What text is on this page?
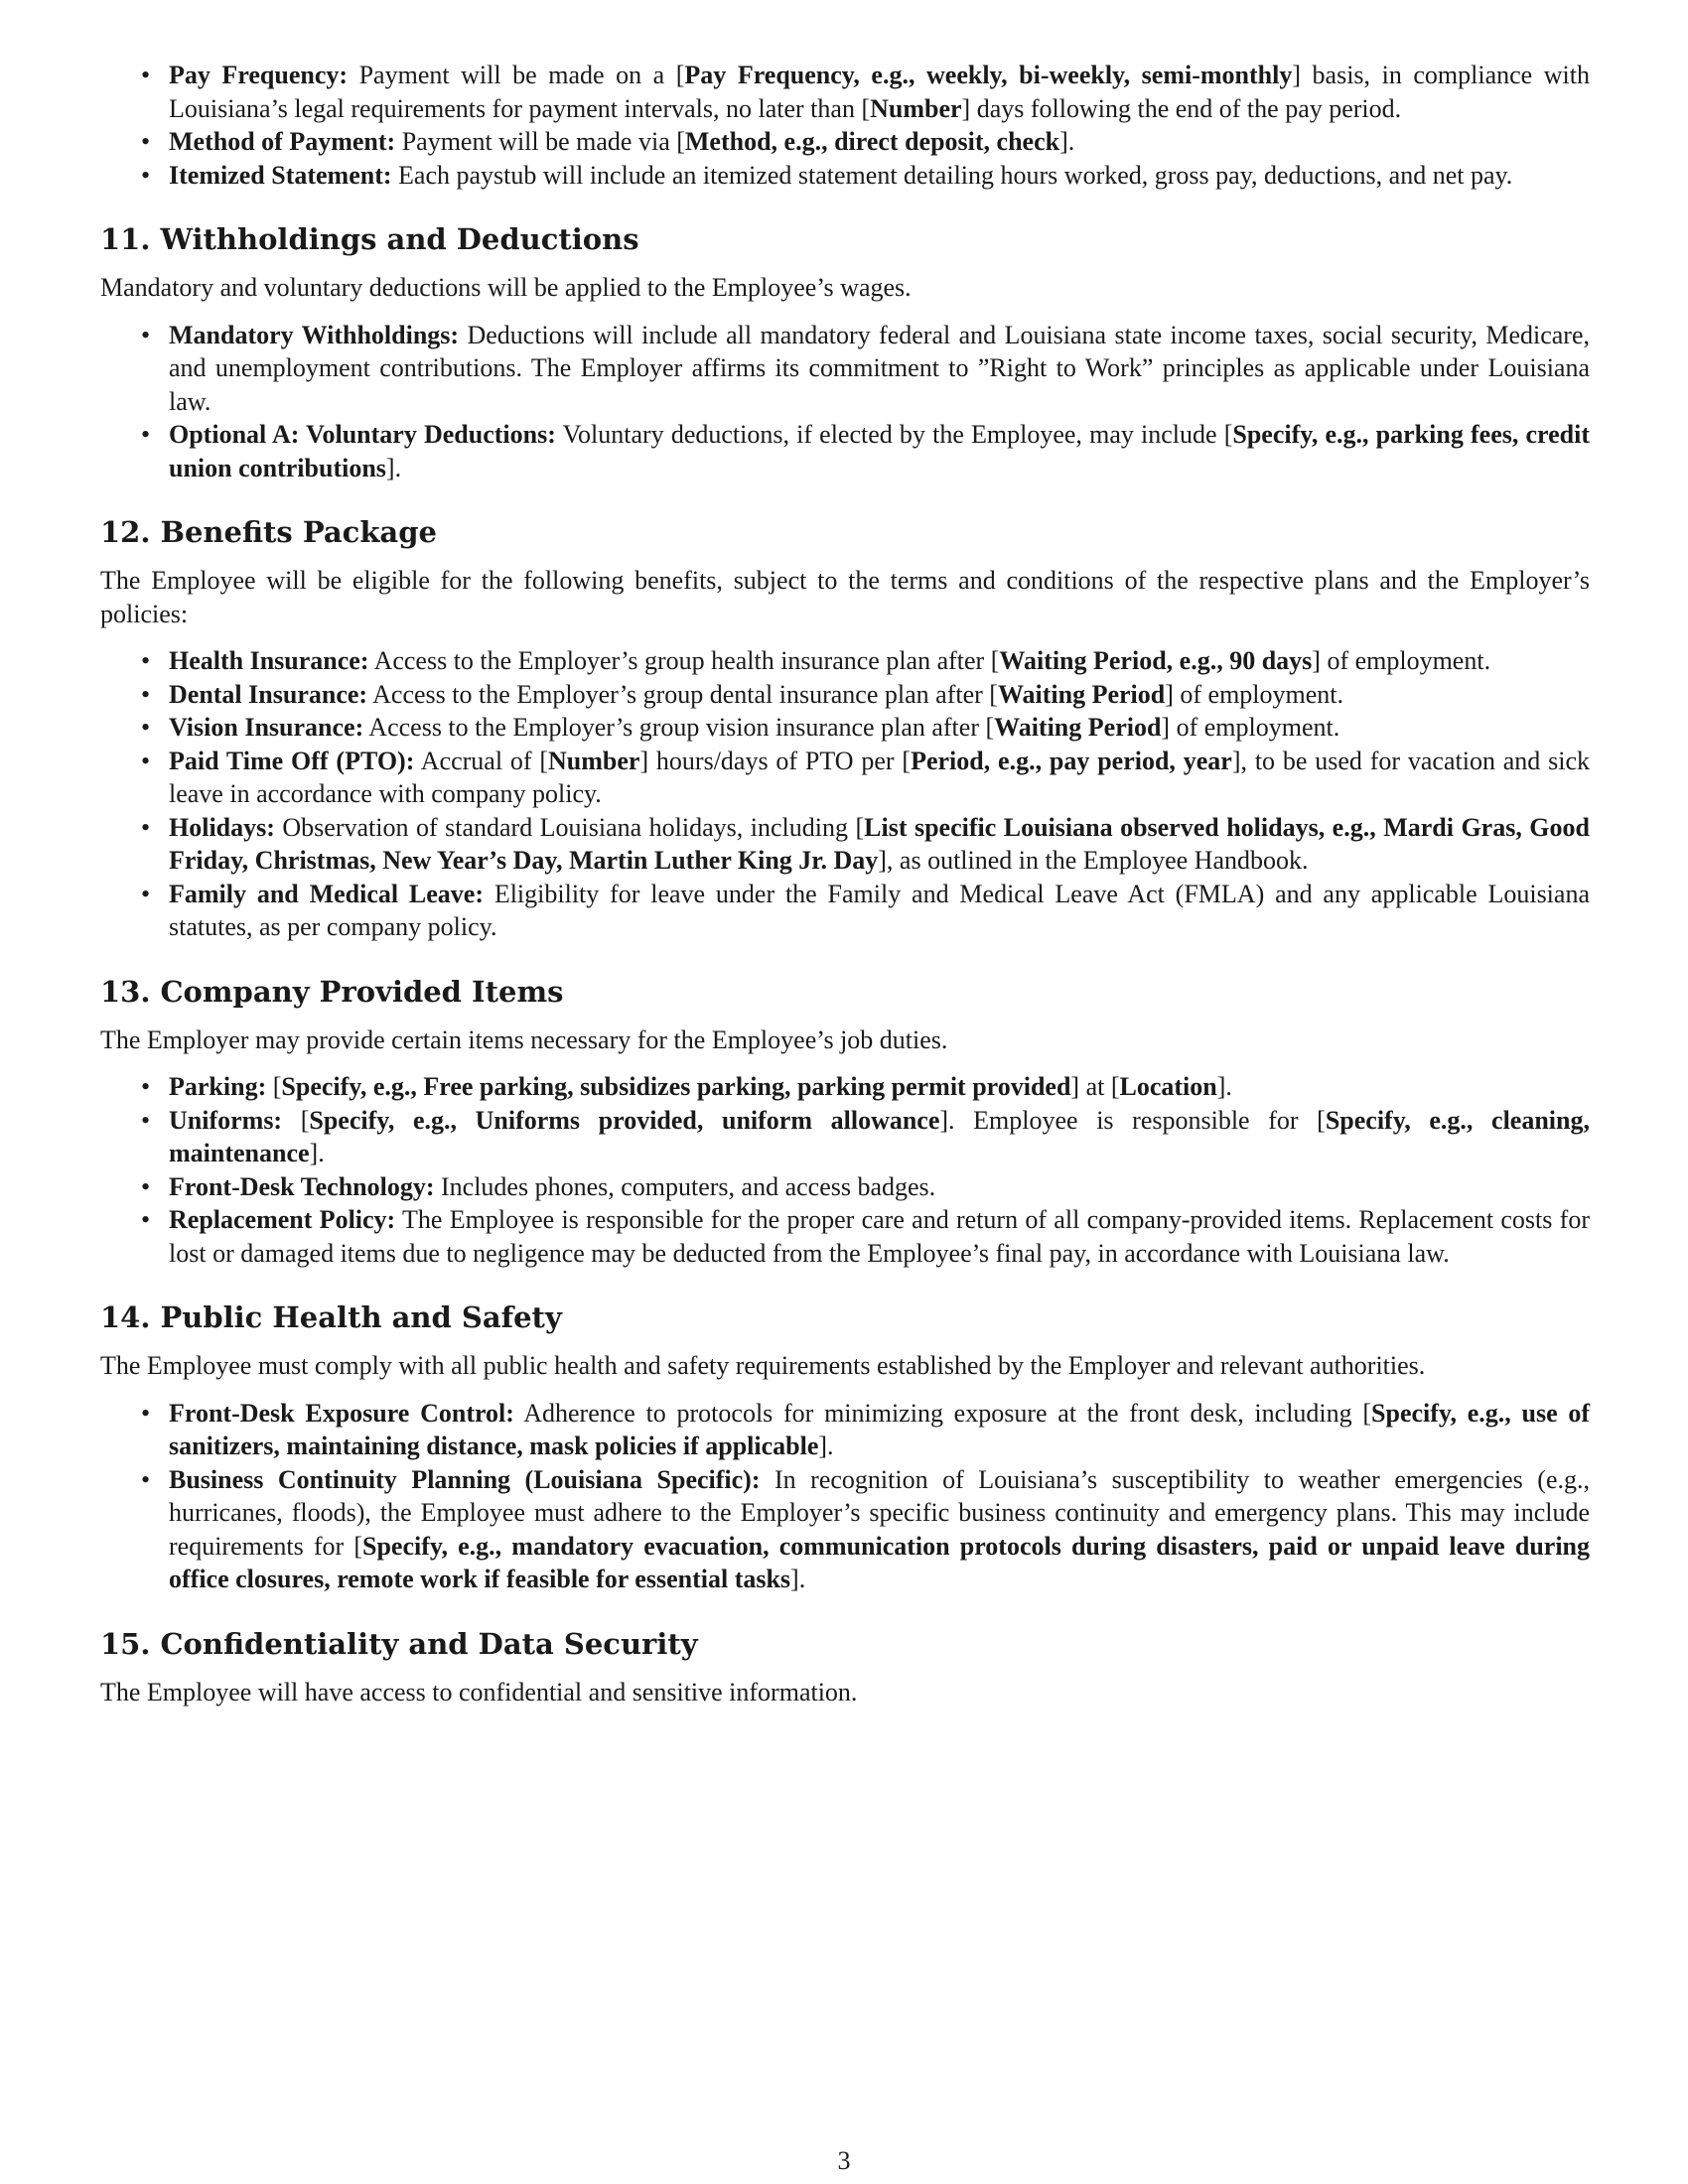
• Pay Frequency: Payment will be made on a [Pay Frequency, e.g., weekly, bi-weekly, semi-monthly] basis, in compliance with Louisiana’s legal requirements for payment intervals, no later than [Number] days following the end of the pay period.
• Method of Payment: Payment will be made via [Method, e.g., direct deposit, check].
• Itemized Statement: Each paystub will include an itemized statement detailing hours worked, gross pay, deductions, and net pay.
11. Withholdings and Deductions

Mandatory and voluntary deductions will be applied to the Employee’s wages.

• Mandatory Withholdings: Deductions will include all mandatory federal and Louisiana state income taxes, social security, Medicare, and unemployment contributions. The Employer affirms its commitment to ”Right to Work” principles as applicable under Louisiana law.
• Optional A: Voluntary Deductions: Voluntary deductions, if elected by the Employee, may include [Specify, e.g., parking fees, credit union contributions].
12. Benefits Package

The Employee will be eligible for the following benefits, subject to the terms and conditions of the respective plans and the Employer’s policies:

• Health Insurance: Access to the Employer’s group health insurance plan after [Waiting Period, e.g., 90 days] of employment.
• Dental Insurance: Access to the Employer’s group dental insurance plan after [Waiting Period] of employment.
• Vision Insurance: Access to the Employer’s group vision insurance plan after [Waiting Period] of employment.
• Paid Time Off (PTO): Accrual of [Number] hours/days of PTO per [Period, e.g., pay period, year], to be used for vacation and sick leave in accordance with company policy.
• Holidays: Observation of standard Louisiana holidays, including [List specific Louisiana observed holidays, e.g., Mardi Gras, Good Friday, Christmas, New Year’s Day, Martin Luther King Jr. Day], as outlined in the Employee Handbook.
• Family and Medical Leave: Eligibility for leave under the Family and Medical Leave Act (FMLA) and any applicable Louisiana statutes, as per company policy.
13. Company Provided Items

The Employer may provide certain items necessary for the Employee’s job duties.

• Parking: [Specify, e.g., Free parking, subsidizes parking, parking permit provided] at [Location].
• Uniforms: [Specify, e.g., Uniforms provided, uniform allowance]. Employee is responsible for [Specify, e.g., cleaning, maintenance].
• Front-Desk Technology: Includes phones, computers, and access badges.
• Replacement Policy: The Employee is responsible for the proper care and return of all company-provided items. Replacement costs for lost or damaged items due to negligence may be deducted from the Employee’s final pay, in accordance with Louisiana law.
14. Public Health and Safety

The Employee must comply with all public health and safety requirements established by the Employer and relevant authorities.

• Front-Desk Exposure Control: Adherence to protocols for minimizing exposure at the front desk, including [Specify, e.g., use of sanitizers, maintaining distance, mask policies if applicable].
• Business Continuity Planning (Louisiana Specific): In recognition of Louisiana’s susceptibility to weather emergencies (e.g., hurricanes, floods), the Employee must adhere to the Employer’s specific business continuity and emergency plans. This may include requirements for [Specify, e.g., mandatory evacuation, communication protocols during disasters, paid or unpaid leave during office closures, remote work if feasible for essential tasks].
15. Confidentiality and Data Security

The Employee will have access to confidential and sensitive information.

3
